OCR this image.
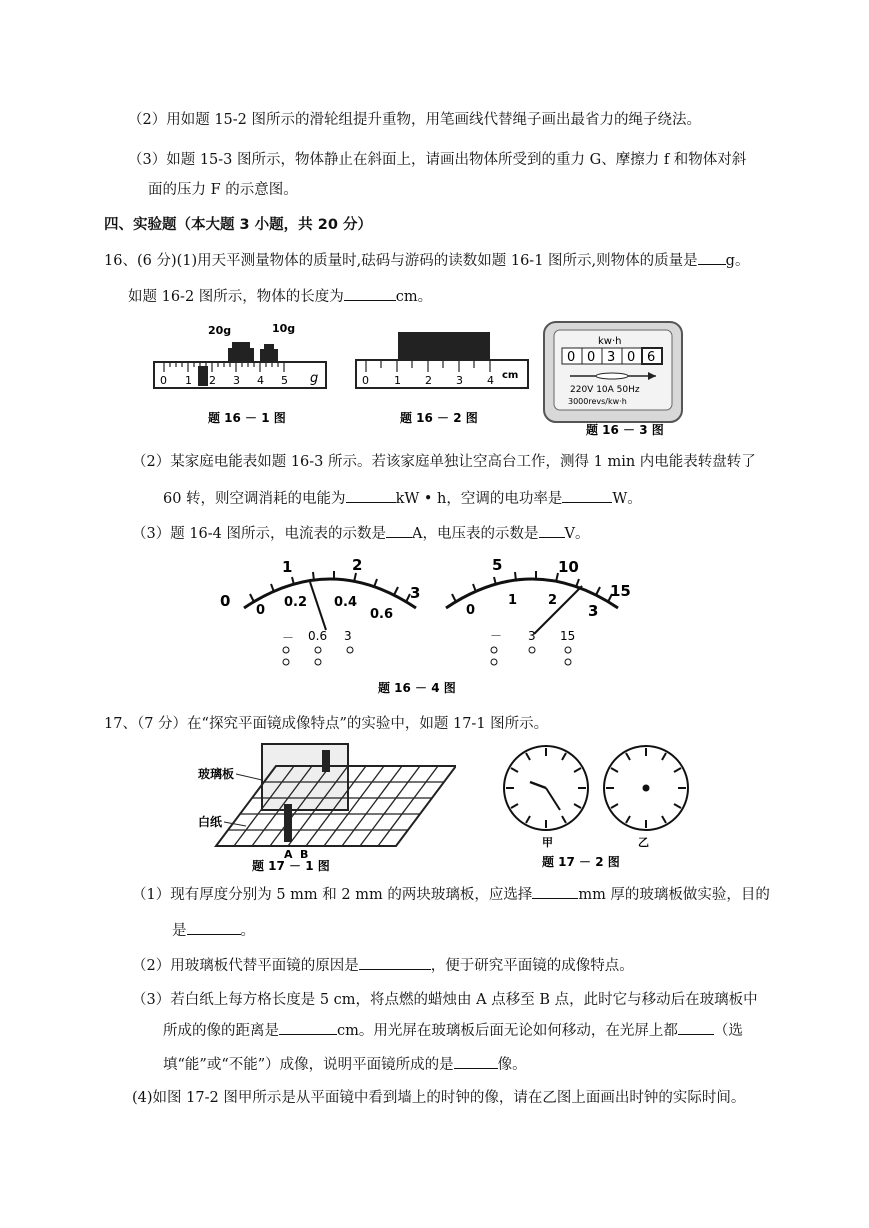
（2）用如题 15-2 图所示的滑轮组提升重物，用笔画线代替绳子画出最省力的绳子绕法。
（3）如题 15-3 图所示，物体静止在斜面上，请画出物体所受到的重力 G、摩擦力 f 和物体对斜
面的压力 F 的示意图。
四、实验题（本大题 3 小题，共 20 分）
16、(6 分)(1)用天平测量物体的质量时,砝码与游码的读数如题 16-1 图所示,则物体的质量是 g。
如题 16-2 图所示，物体的长度为	cm。
20g	10g
0 1 2 3 4 5 g
题 16 － 1 图
0 1 2 3 4 cm
题 16 － 2 图
kw·h
0 0 3 0 6
220V 10A 50Hz
3000revs/kw·h
题 16 － 3 图
（2）某家庭电能表如题 16-3 所示。若该家庭单独让空高台工作，测得 1 min 内电能表转盘转了
60 转，则空调消耗的电能为	kW • h，空调的电功率是	W。
（3）题 16-4 图所示，电流表的示数是 A，电压表的示数是 V。
0
1	2
3
0
0.2 0.4
0.6
－ 0.6 3
5	10
15
0
1 2
3
－ 3 15
题 16 － 4 图
17、（7 分）在“探究平面镜成像特点”的实验中，如题 17-1 图所示。
玻璃板
白纸
A B
题 17 － 1 图
甲	乙
题 17 － 2 图
（1）现有厚度分别为 5 mm 和 2 mm 的两块玻璃板，应选择	mm 厚的玻璃板做实验，目的
是	。
（2）用玻璃板代替平面镜的原因是	，便于研究平面镜的成像特点。
（3）若白纸上每方格长度是 5 cm，将点燃的蜡烛由 A 点移至 B 点，此时它与移动后在玻璃板中
所成的像的距离是	cm。用光屏在玻璃板后面无论如何移动，在光屏上都 （选
填“能”或“不能”）成像，说明平面镜所成的是	像。
(4)如图 17-2 图甲所示是从平面镜中看到墙上的时钟的像，请在乙图上面画出时钟的实际时间。
